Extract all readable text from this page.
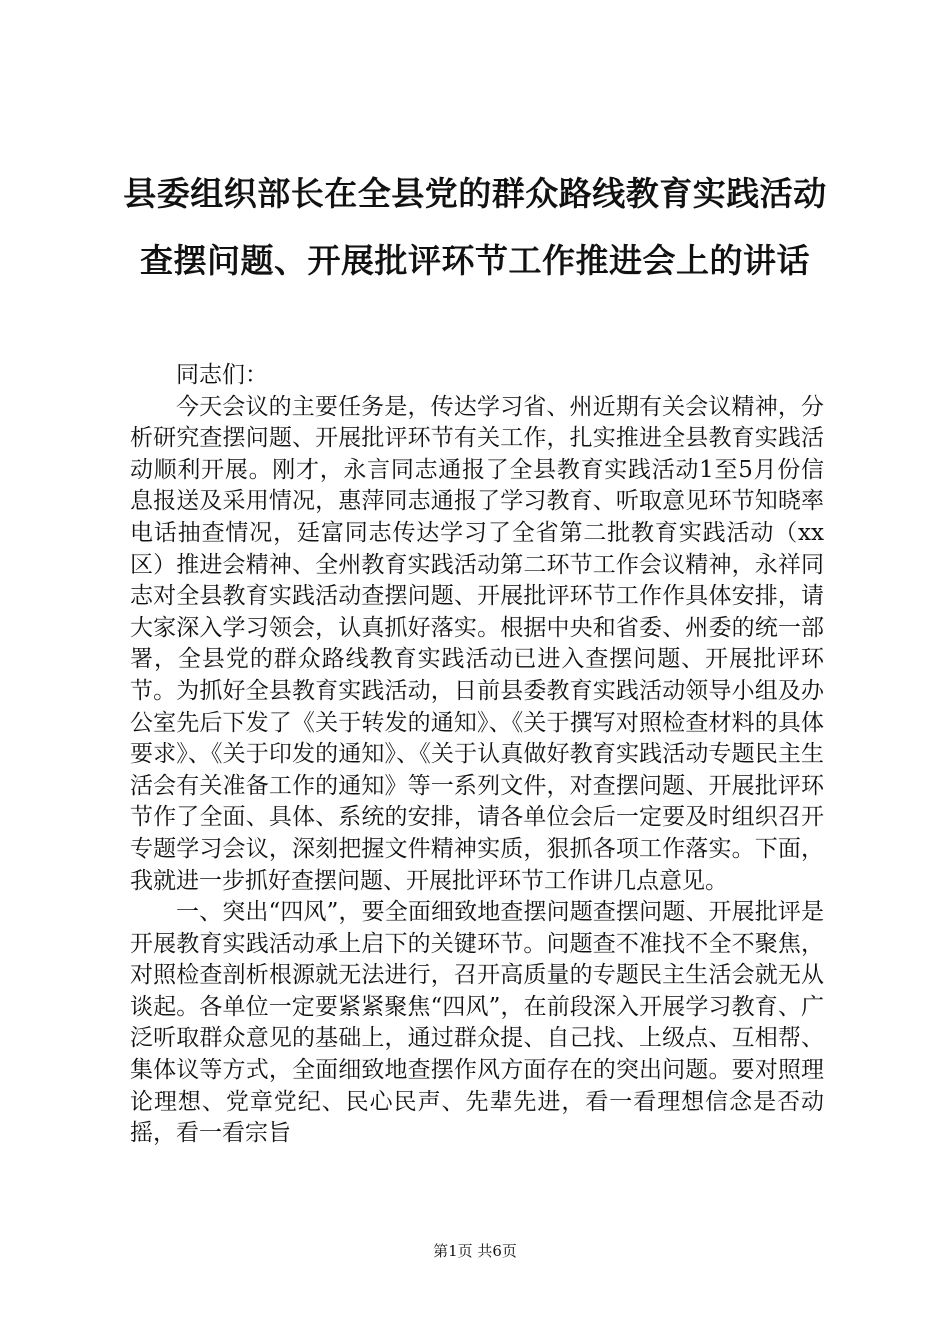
县委组织部长在全县党的群众路线教育实践活动查摆问题、开展批评环节工作推进会上的讲话

同志们：

今天会议的主要任务是，传达学习省、州近期有关会议精神，分析研究查摆问题、开展批评环节有关工作，扎实推进全县教育实践活动顺利开展。刚才，永言同志通报了全县教育实践活动1至5月份信息报送及采用情况，惠萍同志通报了学习教育、听取意见环节知晓率电话抽查情况，廷富同志传达学习了全省第二批教育实践活动（xx区）推进会精神、全州教育实践活动第二环节工作会议精神，永祥同志对全县教育实践活动查摆问题、开展批评环节工作作具体安排，请大家深入学习领会，认真抓好落实。根据中央和省委、州委的统一部署，全县党的群众路线教育实践活动已进入查摆问题、开展批评环节。为抓好全县教育实践活动，日前县委教育实践活动领导小组及办公室先后下发了《关于转发的通知》、《关于撰写对照检查材料的具体要求》、《关于印发的通知》、《关于认真做好教育实践活动专题民主生活会有关准备工作的通知》等一系列文件，对查摆问题、开展批评环节作了全面、具体、系统的安排，请各单位会后一定要及时组织召开专题学习会议，深刻把握文件精神实质，狠抓各项工作落实。下面，我就进一步抓好查摆问题、开展批评环节工作讲几点意见。

一、突出“四风”，要全面细致地查摆问题查摆问题、开展批评是开展教育实践活动承上启下的关键环节。问题查不准找不全不聚焦，对照检查剖析根源就无法进行，召开高质量的专题民主生活会就无从谈起。各单位一定要紧紧聚焦“四风”，在前段深入开展学习教育、广泛听取群众意见的基础上，通过群众提、自己找、上级点、互相帮、集体议等方式，全面细致地查摆作风方面存在的突出问题。要对照理论理想、党章党纪、民心民声、先辈先进，看一看理想信念是否动摇，看一看宗旨

第1页 共6页
